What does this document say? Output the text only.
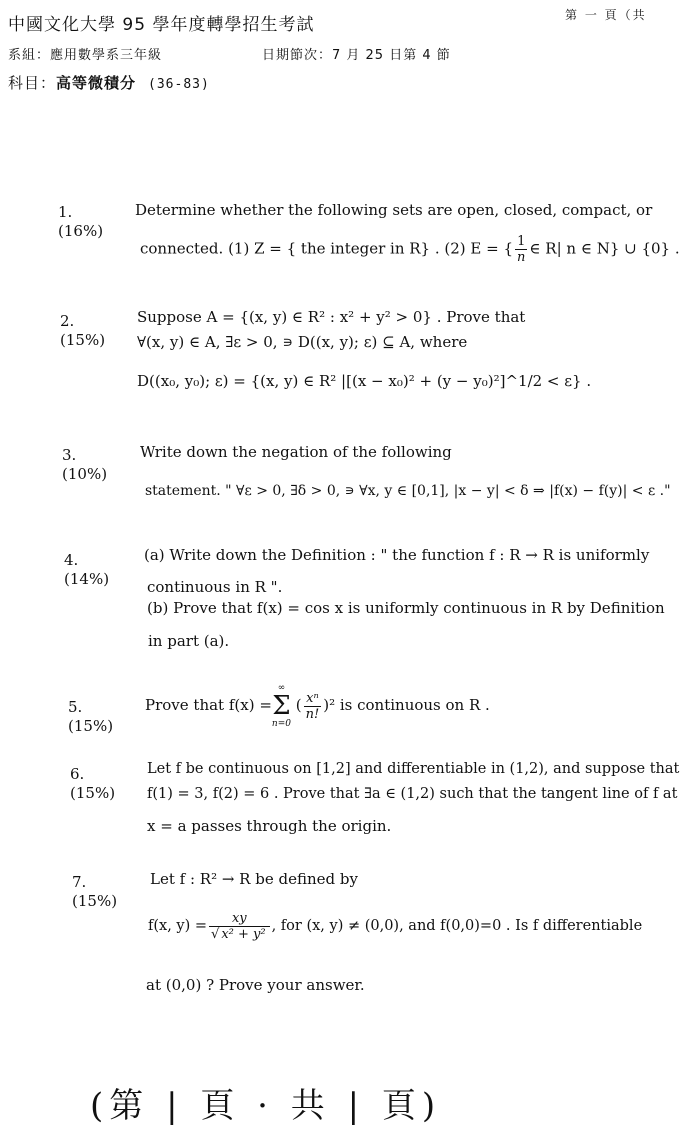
中國文化大學 95 學年度轉學招生考試	第 一 頁（共
系組：應用數學系三年級	日期節次：7 月 25 日第 4 節
科目：高等微積分 (36-83)
1.(16%)
Determine whether the following sets are open, closed, compact, or
connected. (1) Z = { the integer in R} . (2) E = { $\frac{1}{n}$ ∈ R| n ∈ N} ∪ {0} .
2.(15%)
Suppose A = {(x, y) ∈ R² : x² + y² > 0} . Prove that
∀(x, y) ∈ A, ∃ε > 0, ∍ D((x, y); ε) ⊆ A, where
D((x₀, y₀); ε) = {(x, y) ∈ R² |[(x − x₀)² + (y − y₀)²]^1/2 < ε} .
3.(10%)
Write down the negation of the following
statement. " ∀ε > 0, ∃δ > 0, ∍ ∀x, y ∈ [0,1], |x − y| < δ ⇒ |f(x) − f(y)| < ε ."
4.(14%)
(a) Write down the Definition : " the function f : R → R is uniformly
continuous in R ".
(b) Prove that f(x) = cos x is uniformly continuous in R by Definition
in part (a).
5.(15%)
Prove that f(x) =
∞
Σ
n=0
( $\frac{\text{xⁿ}}{n!} )^2$ is continuous on R .
6.(15%)
Let f be continuous on [1,2] and differentiable in (1,2), and suppose that
f(1) = 3, f(2) = 6 . Prove that ∃a ∈ (1,2) such that the tangent line of f at
x = a passes through the origin.
7.(15%)
Let f : R² → R be defined by
f(x, $y) = \frac{xy}{\text{√ x² + y²}}$ , for (x, y) ≠ (0,0), and f(0,0)=0 . Is f differentiable
at (0,0) ? Prove your answer.
(第 | 頁 · 共 | 頁)
